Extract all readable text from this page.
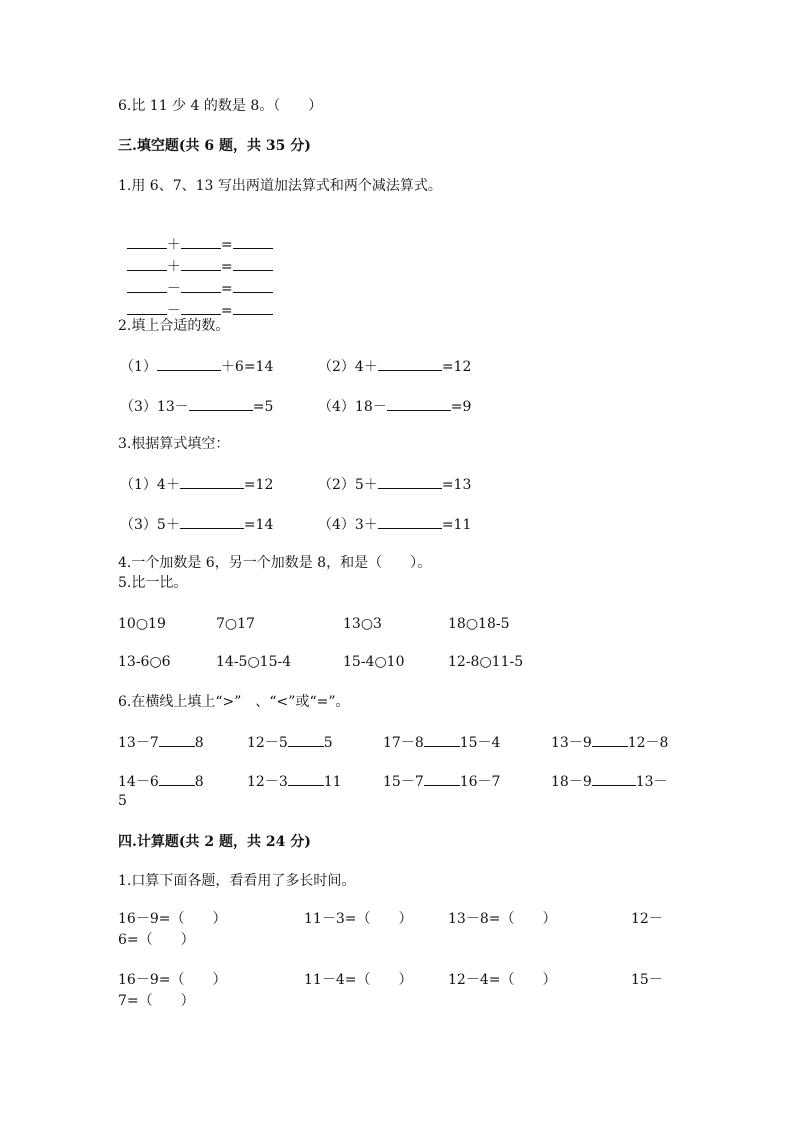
6.比 11 少 4 的数是 8。（　　）
三.填空题(共 6 题，共 35 分)
1.用 6、7、13 写出两道加法算式和两个减法算式。

＋	=

＋	=

－	=

－	=

2.填上合适的数。
（1）	＋6=14	（2）4＋	=12
（3）13－	=5	（4）18－	=9
3.根据算式填空：
（1）4＋	=12	（2）5＋	=13
（3）5＋	=14	（4）3＋	=11
4.一个加数是 6，另一个加数是 8，和是（　　）。
5.比一比。
10○19	7○17	13○3	18○18-5
13-6○6	14-5○15-4	15-4○10	12-8○11-5
6.在横线上填上“>”　、“<”或“=”。
13－7	8	12－5	5	17－8	15－4	13－9	12－8
14－6	8	12－3	11	15－7	16－7	18－9	13－
5
四.计算题(共 2 题，共 24 分)
1.口算下面各题，看看用了多长时间。
16－9=（　　）	11－3=（　　）	13－8=（　　）	12－
6=（　　）
16－9=（　　）	11－4=（　　）	12－4=（　　）	15－
7=（　　）
